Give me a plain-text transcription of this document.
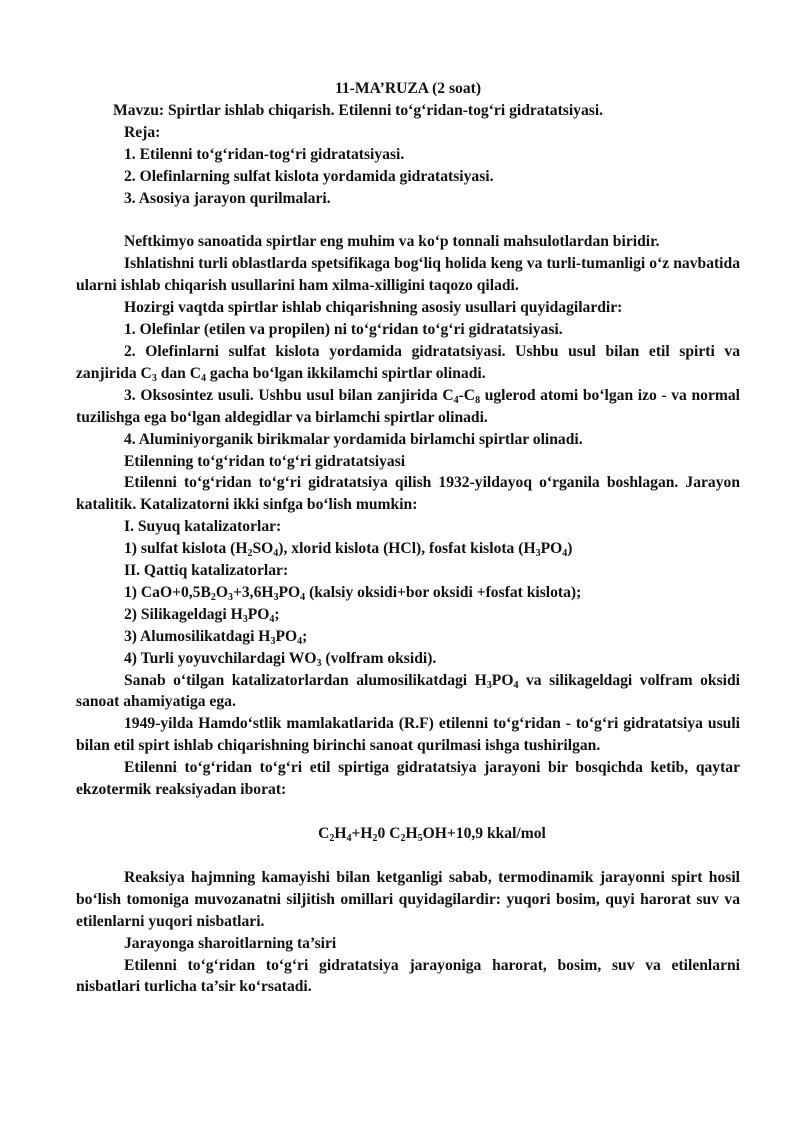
11-MA’RUZA (2 soat)

Mavzu: Spirtlar ishlab chiqarish. Etilenni to‘g‘ridan-tog‘ri gidratatsiyasi.

Reja:

1. Etilenni to‘g‘ridan-tog‘ri gidratatsiyasi.

2. Olefinlarning sulfat kislota yordamida gidratatsiyasi.

3. Asosiya jarayon qurilmalari.

Neftkimyo sanoatida spirtlar eng muhim va ko‘p tonnali mahsulotlardan biridir.

Ishlatishni turli oblastlarda spetsifikaga bog‘liq holida keng va turli-tumanligi o‘z navbatida ularni ishlab chiqarish usullarini ham xilma-xilligini taqozo qiladi.

Hozirgi vaqtda spirtlar ishlab chiqarishning asosiy usullari quyidagilardir:

1. Olefinlar (etilen va propilen) ni to‘g‘ridan to‘g‘ri gidratatsiyasi.

2. Olefinlarni sulfat kislota yordamida gidratatsiyasi. Ushbu usul bilan etil spirti va zanjirida $C_3$ dan $C_4$ gacha bo‘lgan ikkilamchi spirtlar olinadi.

3. Oksosintez usuli. Ushbu usul bilan zanjirida $C_4-C_8$ uglerod atomi bo‘lgan izo - va normal tuzilishga ega bo‘lgan aldegidlar va birlamchi spirtlar olinadi.

4. Aluminiyorganik birikmalar yordamida birlamchi spirtlar olinadi.

Etilenning to‘g‘ridan to‘g‘ri gidratatsiyasi

Etilenni to‘g‘ridan to‘g‘ri gidratatsiya qilish 1932-yildayoq o‘rganila boshlagan. Jarayon katalitik. Katalizatorni ikki sinfga bo‘lish mumkin:

I. Suyuq katalizatorlar:

1) sulfat kislota $(H_2SO_4)$, xlorid kislota (HCl), fosfat kislota $(H_3PO_4)$

II. Qattiq katalizatorlar:

1) $CaO+0,5B_2O_3+3,6H_3PO_4$ (kalsiy oksidi+bor oksidi +fosfat kislota);

2) Silikageldagi $H_3PO_4$;

3) Alumosilikatdagi $H_3PO_4$;

4) Turli yoyuvchilardagi $WO_3$ (volfram oksidi).

Sanab o‘tilgan katalizatorlardan alumosilikatdagi $H_3PO_4$ va silikageldagi volfram oksidi sanoat ahamiyatiga ega.

1949-yilda Hamdo‘stlik mamlakatlarida (R.F) etilenni to‘g‘ridan - to‘g‘ri gidratatsiya usuli bilan etil spirt ishlab chiqarishning birinchi sanoat qurilmasi ishga tushirilgan.

Etilenni to‘g‘ridan to‘g‘ri etil spirtiga gidratatsiya jarayoni bir bosqichda ketib, qaytar ekzotermik reaksiyadan iborat:

$C_2H_4+H_20$ $C_2H_5OH+10,9$ kkal/mol

Reaksiya hajmning kamayishi bilan ketganligi sabab, termodinamik jarayonni spirt hosil bo‘lish tomoniga muvozanatni siljitish omillari quyidagilardir: yuqori bosim, quyi harorat suv va etilenlarni yuqori nisbatlari.

Jarayonga sharoitlarning ta’siri

Etilenni to‘g‘ridan to‘g‘ri gidratatsiya jarayoniga harorat, bosim, suv va etilenlarni nisbatlari turlicha ta’sir ko‘rsatadi.
